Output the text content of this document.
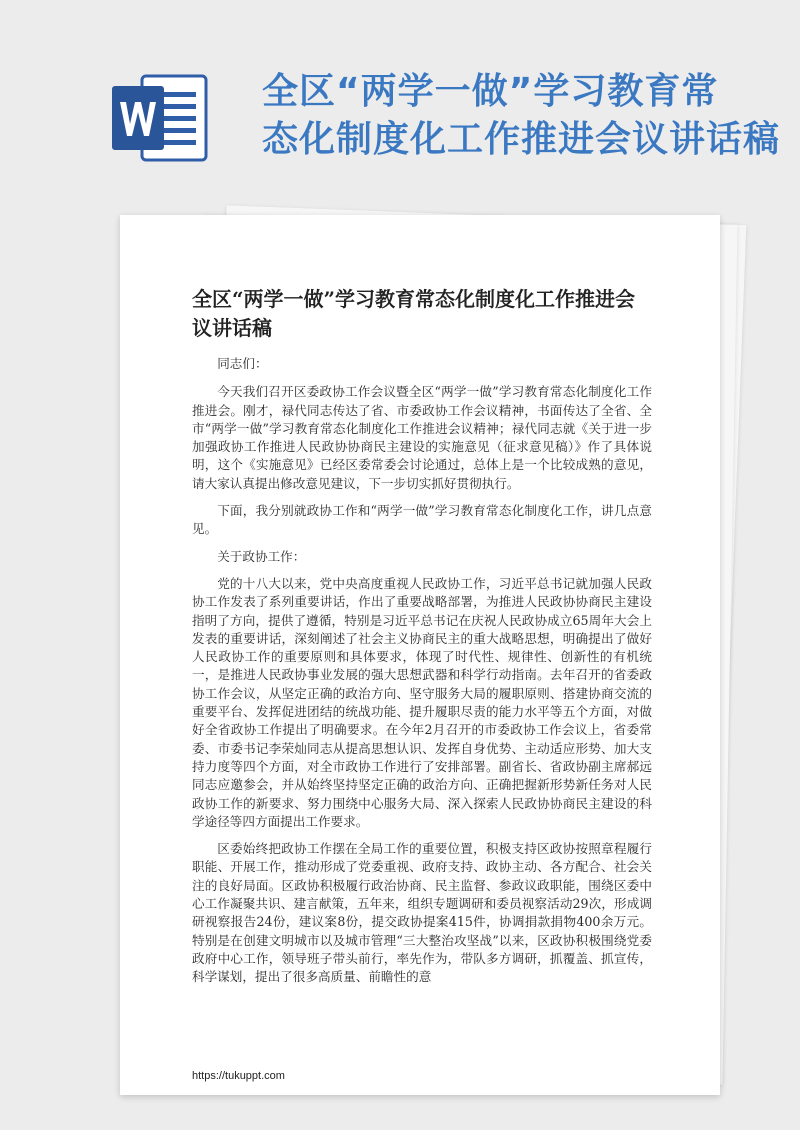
全区“两学一做”学习教育常
态化制度化工作推进会议讲话稿
全区“两学一做”学习教育常态化制度化工作推进会议讲话稿

同志们：

今天我们召开区委政协工作会议暨全区“两学一做”学习教育常态化制度化工作推进会。刚才，禄代同志传达了省、市委政协工作会议精神，书面传达了全省、全市“两学一做”学习教育常态化制度化工作推进会议精神；禄代同志就《关于进一步加强政协工作推进人民政协协商民主建设的实施意见（征求意见稿）》作了具体说明，这个《实施意见》已经区委常委会讨论通过，总体上是一个比较成熟的意见，请大家认真提出修改意见建议，下一步切实抓好贯彻执行。

下面，我分别就政协工作和“两学一做”学习教育常态化制度化工作，讲几点意见。

关于政协工作：

党的十八大以来，党中央高度重视人民政协工作，习近平总书记就加强人民政协工作发表了系列重要讲话，作出了重要战略部署，为推进人民政协协商民主建设指明了方向，提供了遵循，特别是习近平总书记在庆祝人民政协成立65周年大会上发表的重要讲话，深刻阐述了社会主义协商民主的重大战略思想，明确提出了做好人民政协工作的重要原则和具体要求，体现了时代性、规律性、创新性的有机统一，是推进人民政协事业发展的强大思想武器和科学行动指南。去年召开的省委政协工作会议，从坚定正确的政治方向、坚守服务大局的履职原则、搭建协商交流的重要平台、发挥促进团结的统战功能、提升履职尽责的能力水平等五个方面，对做好全省政协工作提出了明确要求。在今年2月召开的市委政协工作会议上，省委常委、市委书记李荣灿同志从提高思想认识、发挥自身优势、主动适应形势、加大支持力度等四个方面，对全市政协工作进行了安排部署。副省长、省政协副主席郝远同志应邀参会，并从始终坚持坚定正确的政治方向、正确把握新形势新任务对人民政协工作的新要求、努力围绕中心服务大局、深入探索人民政协协商民主建设的科学途径等四方面提出工作要求。

区委始终把政协工作摆在全局工作的重要位置，积极支持区政协按照章程履行职能、开展工作，推动形成了党委重视、政府支持、政协主动、各方配合、社会关注的良好局面。区政协积极履行政治协商、民主监督、参政议政职能，围绕区委中心工作凝聚共识、建言献策，五年来，组织专题调研和委员视察活动29次，形成调研视察报告24份，建议案8份，提交政协提案415件，协调捐款捐物400余万元。特别是在创建文明城市以及城市管理“三大整治攻坚战”以来，区政协积极围绕党委政府中心工作，领导班子带头前行，率先作为，带队多方调研，抓覆盖、抓宣传，科学谋划，提出了很多高质量、前瞻性的意

https://tukuppt.com
